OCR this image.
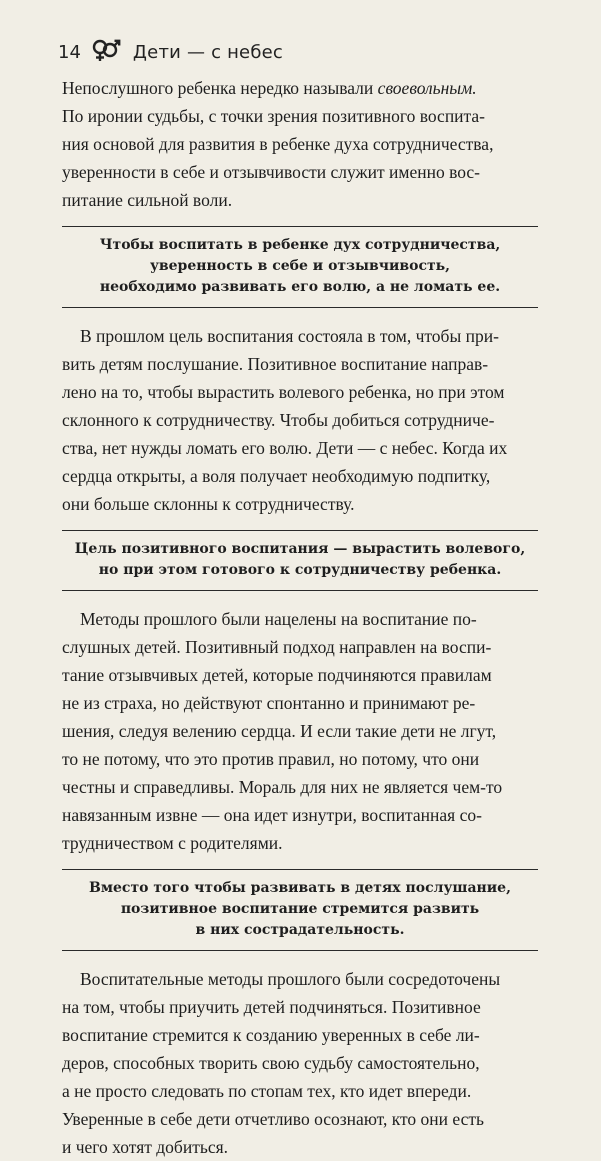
14	Дети — с небес

Непослушного ребенка нередко называли своевольным.
По иронии судьбы, с точки зрения позитивного воспита-
ния основой для развития в ребенке духа сотрудничества,
уверенности в себе и отзывчивости служит именно вос-
питание сильной воли.

Чтобы воспитать в ребенке дух сотрудничества,
уверенность в себе и отзывчивость,
необходимо развивать его волю, а не ломать ее.

В прошлом цель воспитания состояла в том, чтобы при-
вить детям послушание. Позитивное воспитание направ-
лено на то, чтобы вырастить волевого ребенка, но при этом
склонного к сотрудничеству. Чтобы добиться сотрудниче-
ства, нет нужды ломать его волю. Дети — с небес. Когда их
сердца открыты, а воля получает необходимую подпитку,
они больше склонны к сотрудничеству.

Цель позитивного воспитания — вырастить волевого,
но при этом готового к сотрудничеству ребенка.

Методы прошлого были нацелены на воспитание по-
слушных детей. Позитивный подход направлен на воспи-
тание отзывчивых детей, которые подчиняются правилам
не из страха, но действуют спонтанно и принимают ре-
шения, следуя велению сердца. И если такие дети не лгут,
то не потому, что это против правил, но потому, что они
честны и справедливы. Мораль для них не является чем-то
навязанным извне — она идет изнутри, воспитанная со-
трудничеством с родителями.

Вместо того чтобы развивать в детях послушание,
позитивное воспитание стремится развить
в них сострадательность.

Воспитательные методы прошлого были сосредоточены
на том, чтобы приучить детей подчиняться. Позитивное
воспитание стремится к созданию уверенных в себе ли-
деров, способных творить свою судьбу самостоятельно,
а не просто следовать по стопам тех, кто идет впереди.
Уверенные в себе дети отчетливо осознают, кто они есть
и чего хотят добиться.
